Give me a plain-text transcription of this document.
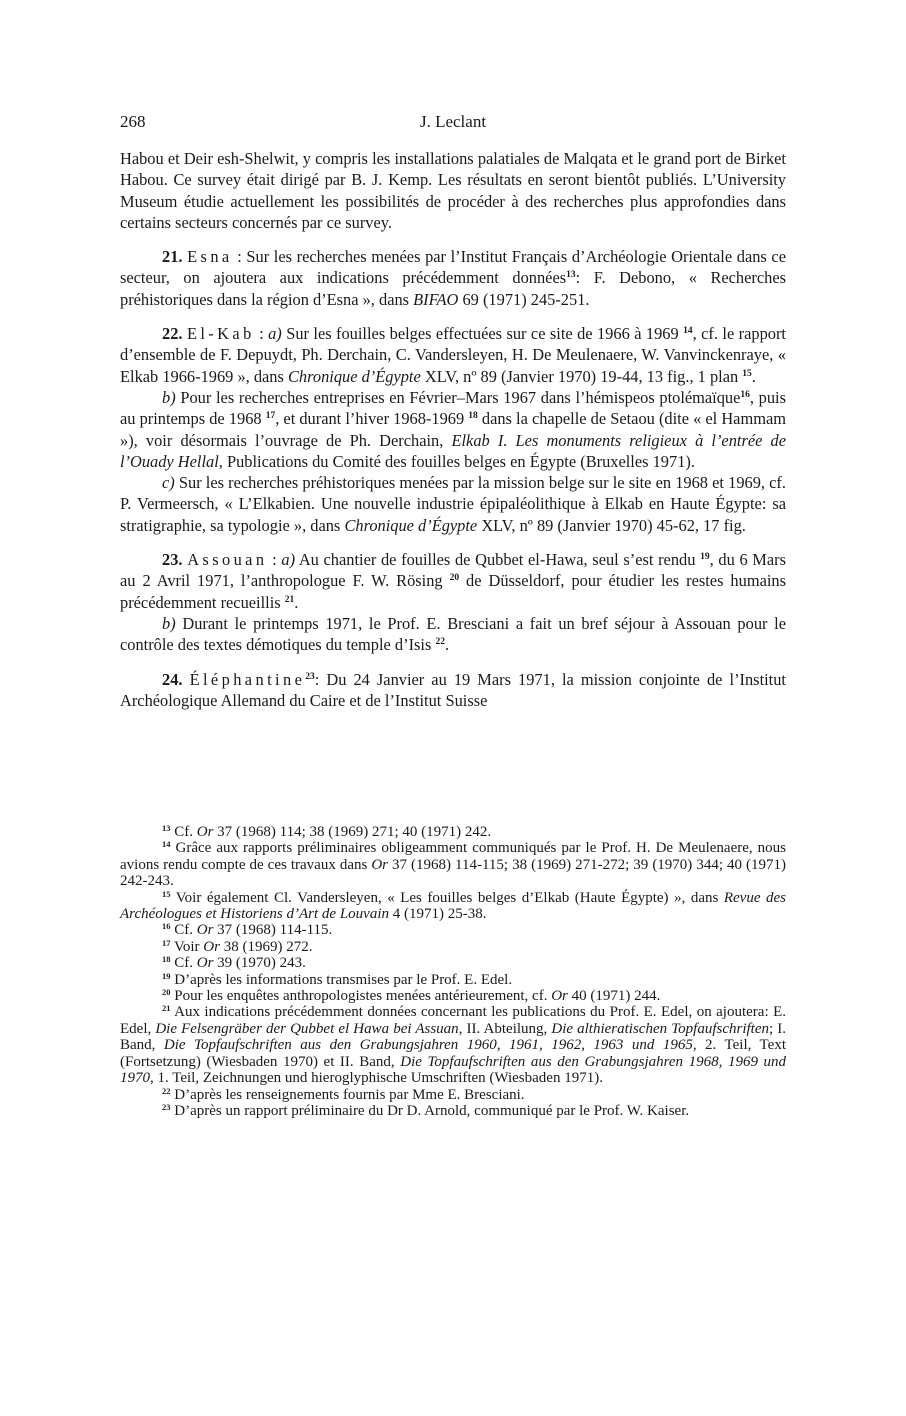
268	J. Leclant

Habou et Deir esh-Shelwit, y compris les installations palatiales de Malqata et le grand port de Birket Habou. Ce survey était dirigé par B. J. Kemp. Les résultats en seront bientôt publiés. L’University Museum étudie actuellement les possibilités de procéder à des recherches plus approfondies dans certains secteurs concernés par ce survey.

21. Esna : Sur les recherches menées par l’Institut Français d’Archéologie Orientale dans ce secteur, on ajoutera aux indications précédemment données$^{13}$: F. Debono, « Recherches préhistoriques dans la région d’Esna », dans BIFAO 69 (1971) 245-251.

22. El-Kab : a) Sur les fouilles belges effectuées sur ce site de 1966 à 1969 $^{14}$, cf. le rapport d’ensemble de F. Depuydt, Ph. Derchain, C. Vandersleyen, H. De Meulenaere, W. Vanvinckenraye, « Elkab 1966-1969 », dans Chronique d’Égypte XLV, nº 89 (Janvier 1970) 19-44, 13 fig., 1 plan $^{15}$.

b) Pour les recherches entreprises en Février–Mars 1967 dans l’hémispeos ptolémaïque$^{16}$, puis au printemps de 1968 $^{17}$, et durant l’hiver 1968-1969 $^{18}$ dans la chapelle de Setaou (dite « el Hammam »), voir désormais l’ouvrage de Ph. Derchain, Elkab I. Les monuments religieux à l’entrée de l’Ouady Hellal, Publications du Comité des fouilles belges en Égypte (Bruxelles 1971).

c) Sur les recherches préhistoriques menées par la mission belge sur le site en 1968 et 1969, cf. P. Vermeersch, « L’Elkabien. Une nouvelle industrie épipaléolithique à Elkab en Haute Égypte: sa stratigraphie, sa typologie », dans Chronique d’Égypte XLV, nº 89 (Janvier 1970) 45-62, 17 fig.

23. Assouan : a) Au chantier de fouilles de Qubbet el-Hawa, seul s’est rendu $^{19}$, du 6 Mars au 2 Avril 1971, l’anthropologue F. W. Rösing $^{20}$ de Düsseldorf, pour étudier les restes humains précédemment recueillis $^{21}$.

b) Durant le printemps 1971, le Prof. E. Bresciani a fait un bref séjour à Assouan pour le contrôle des textes démotiques du temple d’Isis $^{22}$.

24. Éléphantine$^{23}$: Du 24 Janvier au 19 Mars 1971, la mission conjointe de l’Institut Archéologique Allemand du Caire et de l’Institut Suisse

$^{13}$ Cf. Or 37 (1968) 114; 38 (1969) 271; 40 (1971) 242.

$^{14}$ Grâce aux rapports préliminaires obligeamment communiqués par le Prof. H. De Meulenaere, nous avions rendu compte de ces travaux dans Or 37 (1968) 114-115; 38 (1969) 271-272; 39 (1970) 344; 40 (1971) 242-243.

$^{15}$ Voir également Cl. Vandersleyen, « Les fouilles belges d’Elkab (Haute Égypte) », dans Revue des Archéologues et Historiens d’Art de Louvain 4 (1971) 25-38.

$^{16}$ Cf. Or 37 (1968) 114-115.

$^{17}$ Voir Or 38 (1969) 272.

$^{18}$ Cf. Or 39 (1970) 243.

$^{19}$ D’après les informations transmises par le Prof. E. Edel.

$^{20}$ Pour les enquêtes anthropologistes menées antérieurement, cf. Or 40 (1971) 244.

$^{21}$ Aux indications précédemment données concernant les publications du Prof. E. Edel, on ajoutera: E. Edel, Die Felsengräber der Qubbet el Hawa bei Assuan, II. Abteilung, Die althieratischen Topfaufschriften; I. Band, Die Topfaufschriften aus den Grabungsjahren 1960, 1961, 1962, 1963 und 1965, 2. Teil, Text (Fortsetzung) (Wiesbaden 1970) et II. Band, Die Topfaufschriften aus den Grabungsjahren 1968, 1969 und 1970, 1. Teil, Zeichnungen und hieroglyphische Umschriften (Wiesbaden 1971).

$^{22}$ D’après les renseignements fournis par Mme E. Bresciani.

$^{23}$ D’après un rapport préliminaire du Dr D. Arnold, communiqué par le Prof. W. Kaiser.
